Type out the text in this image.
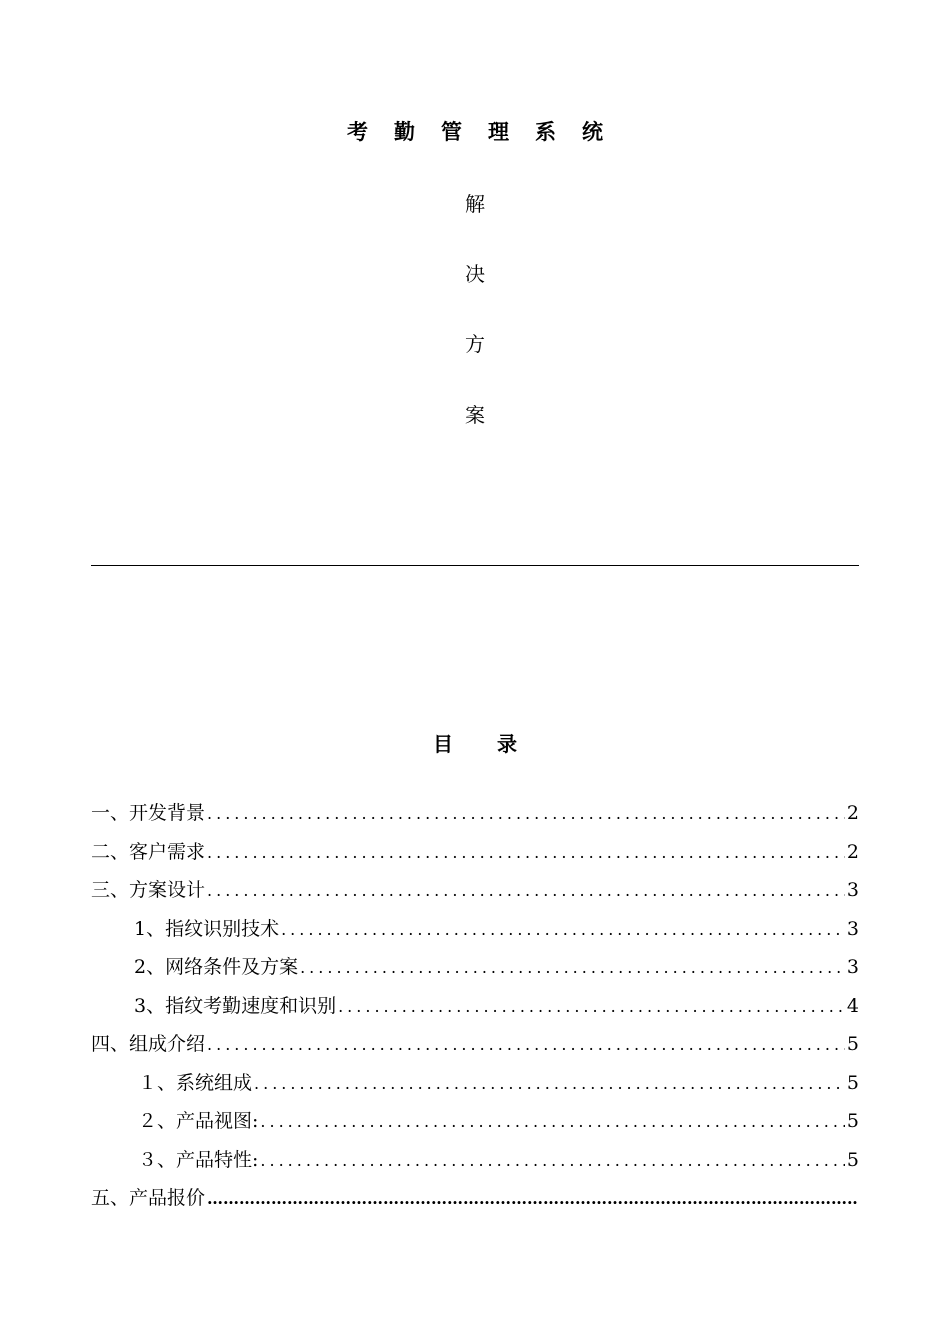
考勤管理系统
解
决
方
案
目 录
一、开发背景 .....	2
二、客户需求 .....	2
三、方案设计 .....	3
1、指纹识别技术 .....	3
2、网络条件及方案 .....	3
3、指纹考勤速度和识别 .....	4
四、组成介绍 .....	5
１、系统组成 .....	5
２、产品视图: .....	5
３、产品特性: .....	5
五、产品报价
……………………………………………………………………………………………………………………………………
